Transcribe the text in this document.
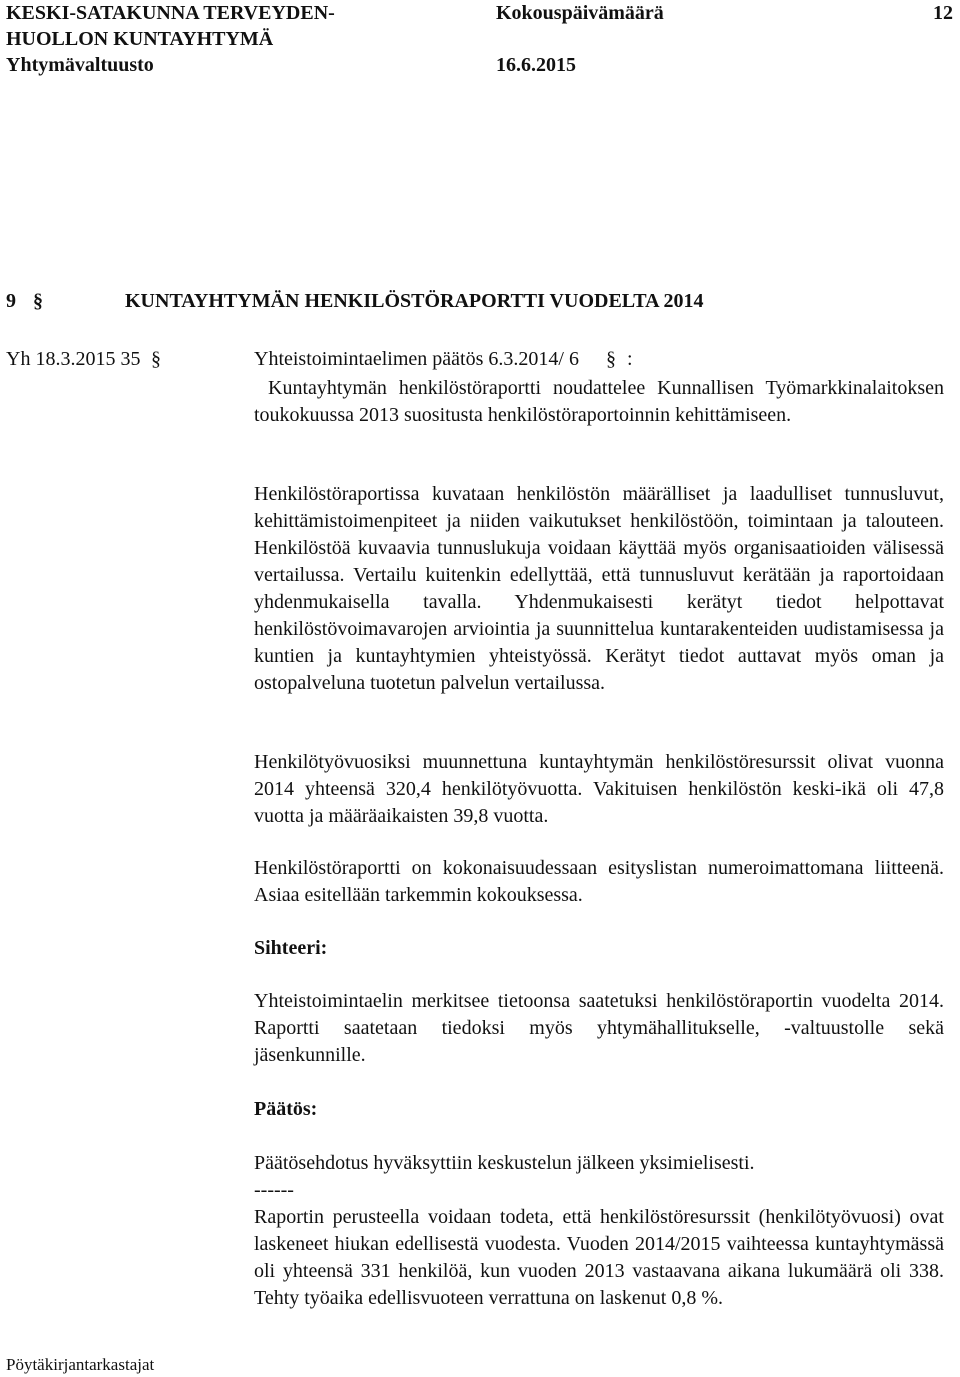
KESKI-SATAKUNNA TERVEYDEN-
HUOLLON KUNTAYHTYMÄ
Yhtymävaltuusto
Kokouspäivämäärä
16.6.2015
12
9 §	KUNTAYHTYMÄN HENKILÖSTÖRAPORTTI VUODELTA 2014
Yh 18.3.2015 35 §	Yhteistoimintaelimen päätös 6.3.2014/ 6 § :

Kuntayhtymän henkilöstöraportti noudattelee Kunnallisen Työmarkkinalaitoksen toukokuussa 2013 suositusta henkilöstöraportoinnin kehittämiseen.

Henkilöstöraportissa kuvataan henkilöstön määrälliset ja laadulliset tunnusluvut, kehittämistoimenpiteet ja niiden vaikutukset henkilöstöön, toimintaan ja talouteen. Henkilöstöä kuvaavia tunnuslukuja voidaan käyttää myös organisaatioiden välisessä vertailussa. Vertailu kuitenkin edellyttää, että tunnusluvut kerätään ja raportoidaan yhdenmukaisella tavalla. Yhdenmukaisesti kerätyt tiedot helpottavat henkilöstövoimavarojen arviointia ja suunnittelua kuntarakenteiden uudistamisessa ja kuntien ja kuntayhtymien yhteistyössä. Kerätyt tiedot auttavat myös oman ja ostopalveluna tuotetun palvelun vertailussa.

Henkilötyövuosiksi muunnettuna kuntayhtymän henkilöstöresurssit olivat vuonna 2014 yhteensä 320,4 henkilötyövuotta. Vakituisen henkilöstön keski-ikä oli 47,8 vuotta ja määräaikaisten 39,8 vuotta.

Henkilöstöraportti on kokonaisuudessaan esityslistan numeroimattomana liitteenä. Asiaa esitellään tarkemmin kokouksessa.

Sihteeri:

Yhteistoimintaelin merkitsee tietoonsa saatetuksi henkilöstöraportin vuodelta 2014. Raportti saatetaan tiedoksi myös yhtymähallitukselle, -valtuustolle sekä jäsenkunnille.

Päätös:

Päätösehdotus hyväksyttiin keskustelun jälkeen yksimielisesti.

------

Raportin perusteella voidaan todeta, että henkilöstöresurssit (henkilötyövuosi) ovat laskeneet hiukan edellisestä vuodesta. Vuoden 2014/2015 vaihteessa kuntayhtymässä oli yhteensä 331 henkilöä, kun vuoden 2013 vastaavana aikana lukumäärä oli 338. Tehty työaika edellisvuoteen verrattuna on laskenut 0,8 %.

Pöytäkirjantarkastajat
